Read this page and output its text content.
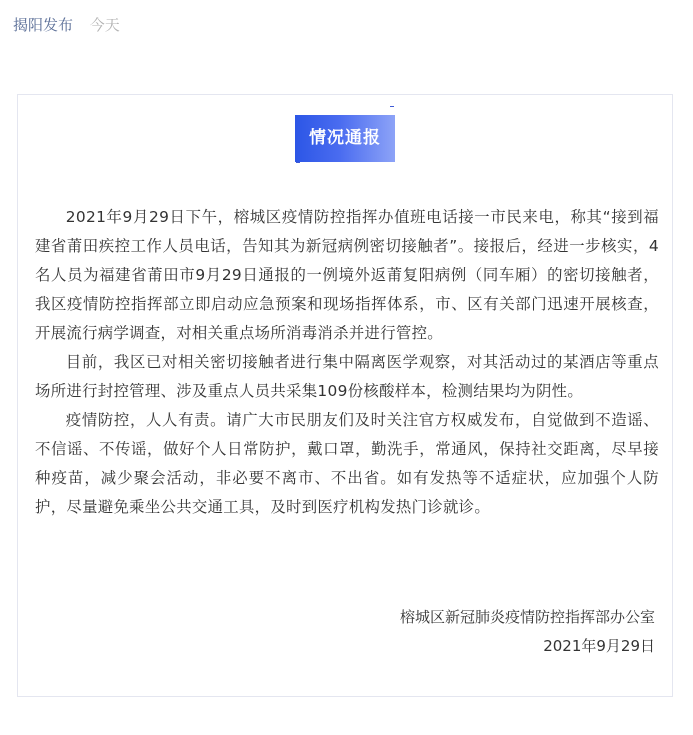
揭阳发布 今天
情况通报

2021年9月29日下午，榕城区疫情防控指挥办值班电话接一市民来电，称其“接到福建省莆田疾控工作人员电话，告知其为新冠病例密切接触者”。接报后，经进一步核实，4名人员为福建省莆田市9月29日通报的一例境外返莆复阳病例（同车厢）的密切接触者，我区疫情防控指挥部立即启动应急预案和现场指挥体系，市、区有关部门迅速开展核查，开展流行病学调查，对相关重点场所消毒消杀并进行管控。

目前，我区已对相关密切接触者进行集中隔离医学观察，对其活动过的某酒店等重点场所进行封控管理、涉及重点人员共采集109份核酸样本，检测结果均为阴性。

疫情防控，人人有责。请广大市民朋友们及时关注官方权威发布，自觉做到不造谣、不信谣、不传谣，做好个人日常防护，戴口罩，勤洗手，常通风，保持社交距离，尽早接种疫苗，减少聚会活动，非必要不离市、不出省。如有发热等不适症状，应加强个人防护，尽量避免乘坐公共交通工具，及时到医疗机构发热门诊就诊。

榕城区新冠肺炎疫情防控指挥部办公室
2021年9月29日
